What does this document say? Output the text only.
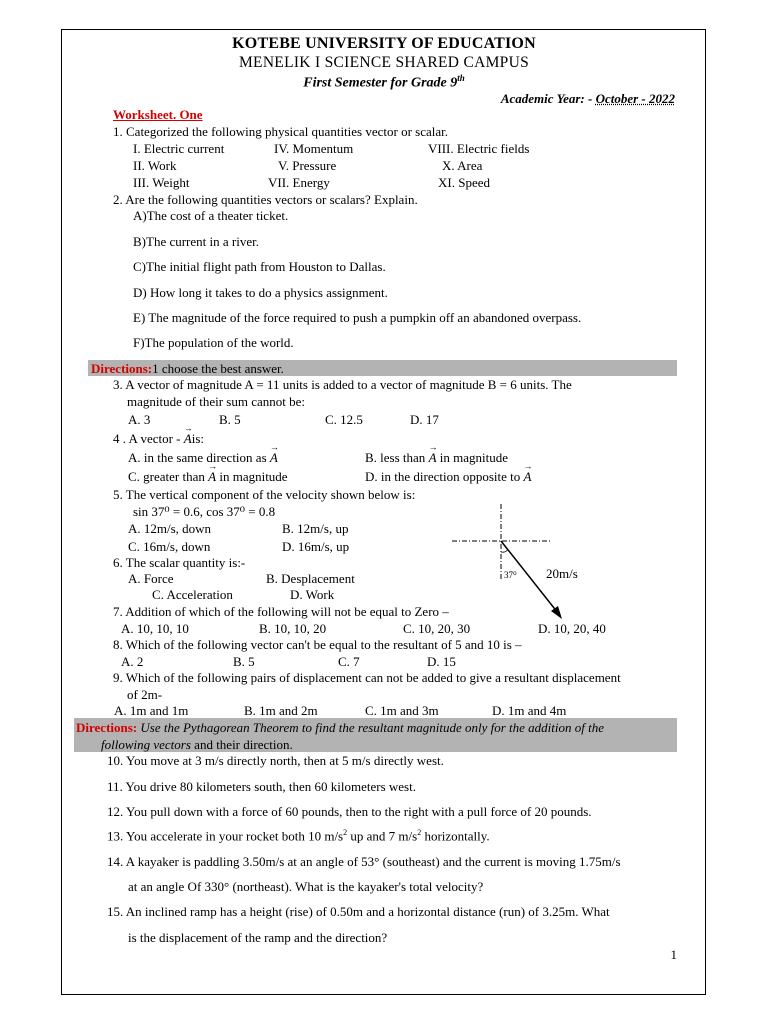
KOTEBE UNIVERSITY OF EDUCATION
MENELIK I SCIENCE SHARED CAMPUS
First Semester for Grade 9th
Academic Year: - October - 2022
Worksheet. One
1. Categorized the following physical quantities vector or scalar.
I. Electric current	IV. Momentum	VIII. Electric fields
II. Work	V. Pressure	X. Area
III. Weight	VII. Energy	XI. Speed
2. Are the following quantities vectors or scalars? Explain.
A)The cost of a theater ticket.
B)The current in a river.
C)The initial flight path from Houston to Dallas.
D) How long it takes to do a physics assignment.
E) The magnitude of the force required to push a pumpkin off an abandoned overpass.
F)The population of the world.
Directions:1 choose the best answer.
3. A vector of magnitude A = 11 units is added to a vector of magnitude B = 6 units. The
magnitude of their sum cannot be:
A. 3	B. 5	C. 12.5	D. 17
4 . A vector - → Ais:
A. in the same direction as → A	B. less than → A in magnitude
C. greater than → A in magnitude	D. in the direction opposite to → A
5. The vertical component of the velocity shown below is:
sin 37⁰ = 0.6, cos 37⁰ = 0.8
A. 12m/s, down	B. 12m/s, up
C. 16m/s, down	D. 16m/s, up
37⁰ 20m/s
6. The scalar quantity is:-
A. Force	B. Desplacement
C. Acceleration	D. Work
7. Addition of which of the following will not be equal to Zero –
A. 10, 10, 10	B. 10, 10, 20	C. 10, 20, 30	D. 10, 20, 40
8. Which of the following vector can't be equal to the resultant of 5 and 10 is –
A. 2	B. 5	C. 7	D. 15
9. Which of the following pairs of displacement can not be added to give a resultant displacement
of 2m-
A. 1m and 1m	B. 1m and 2m	C. 1m and 3m	D. 1m and 4m
Directions: Use the Pythagorean Theorem to find the resultant magnitude only for the addition of the
following vectors and their direction.
10. You move at 3 m/s directly north, then at 5 m/s directly west.
11. You drive 80 kilometers south, then 60 kilometers west.
12. You pull down with a force of 60 pounds, then to the right with a pull force of 20 pounds.
13. You accelerate in your rocket both 10 $m/s^2$ up and 7 $m/s^2$ horizontally.
14. A kayaker is paddling 3.50m/s at an angle of 53° (southeast) and the current is moving 1.75m/s
at an angle Of 330° (northeast). What is the kayaker's total velocity?
15. An inclined ramp has a height (rise) of 0.50m and a horizontal distance (run) of 3.25m. What
is the displacement of the ramp and the direction?
1
